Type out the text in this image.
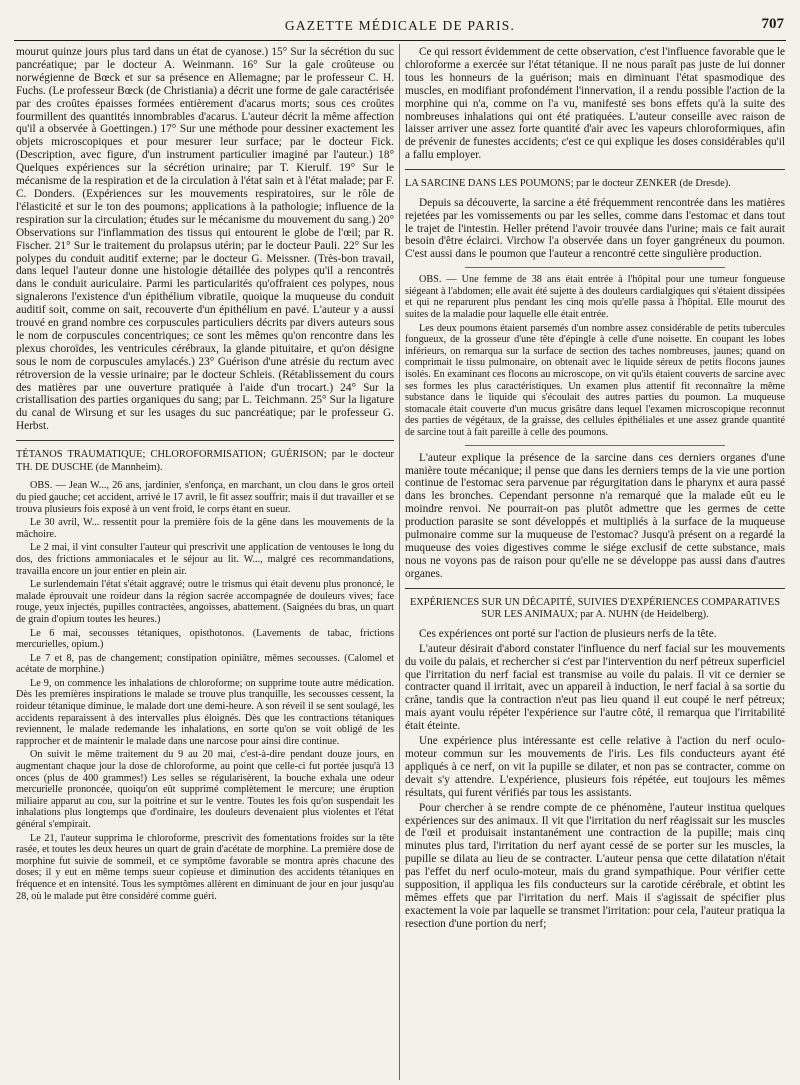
GAZETTE MÉDICALE DE PARIS.	707

mourut quinze jours plus tard dans un état de cyanose.) 15° Sur la sécrétion du suc pancréatique; par le docteur A. Weinmann. 16° Sur la gale croûteuse ou norwégienne de Bœck et sur sa présence en Allemagne; par le professeur C. H. Fuchs. (Le professeur Bœck (de Christiania) a décrit une forme de gale caractérisée par des croûtes épaisses formées entièrement d'acarus morts; sous ces croûtes fourmillent des quantités innombrables d'acarus. L'auteur décrit la même affection qu'il a observée à Goettingen.) 17° Sur une méthode pour dessiner exactement les objets microscopiques et pour mesurer leur surface; par le docteur Fick. (Description, avec figure, d'un instrument particulier imaginé par l'auteur.) 18° Quelques expériences sur la sécrétion urinaire; par T. Kierulf. 19° Sur le mécanisme de la respiration et de la circulation à l'état sain et à l'état malade; par F. C. Donders. (Expériences sur les mouvements respiratoires, sur le rôle de l'élasticité et sur le ton des poumons; applications à la pathologie; influence de la respiration sur la circulation; études sur le mécanisme du mouvement du sang.) 20° Observations sur l'inflammation des tissus qui entourent le globe de l'œil; par R. Fischer. 21° Sur le traitement du prolapsus utérin; par le docteur Pauli. 22° Sur les polypes du conduit auditif externe; par le docteur G. Meissner. (Très-bon travail, dans lequel l'auteur donne une histologie détaillée des polypes qu'il a rencontrés dans le conduit auriculaire. Parmi les particularités qu'offraient ces polypes, nous signalerons l'existence d'un épithélium vibratile, quoique la muqueuse du conduit auditif soit, comme on sait, recouverte d'un épithélium en pavé. L'auteur y a aussi trouvé en grand nombre ces corpuscules particuliers décrits par divers auteurs sous le nom de corpuscules concentriques; ce sont les mêmes qu'on rencontre dans les plexus choroïdes, les ventricules cérébraux, la glande pituitaire, et qu'on désigne sous le nom de corpuscules amylacés.) 23° Guérison d'une atrésie du rectum avec rétroversion de la vessie urinaire; par le docteur Schleis. (Rétablissement du cours des matières par une ouverture pratiquée à l'aide d'un trocart.) 24° Sur la cristallisation des parties organiques du sang; par L. Teichmann. 25° Sur la ligature du canal de Wirsung et sur les usages du suc pancréatique; par le professeur G. Herbst.

TÉTANOS TRAUMATIQUE; CHLOROFORMISATION; GUÉRISON; par le docteur TH. DE DUSCHE (de Mannheim).

OBS. — Jean W..., 26 ans, jardinier, s'enfonça, en marchant, un clou dans le gros orteil du pied gauche; cet accident, arrivé le 17 avril, le fit assez souffrir; mais il dut travailler et se trouva plusieurs fois exposé à un vent froid, le corps étant en sueur.

Le 30 avril, W... ressentit pour la première fois de la gêne dans les mouvements de la mâchoire.

Le 2 mai, il vint consulter l'auteur qui prescrivit une application de ventouses le long du dos, des frictions ammoniacales et le séjour au lit. W..., malgré ces recommandations, travailla encore un jour entier en plein air.

Le surlendemain l'état s'était aggravé; outre le trismus qui était devenu plus prononcé, le malade éprouvait une roideur dans la région sacrée accompagnée de douleurs vives; face rouge, yeux injectés, pupilles contractées, angoisses, abattement. (Saignées du bras, un quart de grain d'opium toutes les heures.)

Le 6 mai, secousses tétaniques, opisthotonos. (Lavements de tabac, frictions mercurielles, opium.)

Le 7 et 8, pas de changement; constipation opiniâtre, mêmes secousses. (Calomel et acétate de morphine.)

Le 9, on commence les inhalations de chloroforme; on supprime toute autre médication. Dès les premières inspirations le malade se trouve plus tranquille, les secousses cessent, la roideur tétanique diminue, le malade dort une demi-heure. A son réveil il se sent soulagé, les accidents reparaissent à des intervalles plus éloignés. Dès que les contractions tétaniques reviennent, le malade redemande les inhalations, en sorte qu'on se voit obligé de les rapprocher et de maintenir le malade dans une narcose pour ainsi dire continue.

On suivit le même traitement du 9 au 20 mai, c'est-à-dire pendant douze jours, en augmentant chaque jour la dose de chloroforme, au point que celle-ci fut portée jusqu'à 13 onces (plus de 400 grammes!) Les selles se régularisèrent, la bouche exhala une odeur mercurielle prononcée, quoiqu'on eût supprimé complètement le mercure; une éruption miliaire apparut au cou, sur la poitrine et sur le ventre. Toutes les fois qu'on suspendait les inhalations plus longtemps que d'ordinaire, les douleurs devenaient plus violentes et l'état général s'empirait.

Le 21, l'auteur supprima le chloroforme, prescrivit des fomentations froides sur la tête rasée, et toutes les deux heures un quart de grain d'acétate de morphine. La première dose de morphine fut suivie de sommeil, et ce symptôme favorable se montra après chacune des doses; il y eut en même temps sueur copieuse et diminution des accidents tétaniques en fréquence et en intensité. Tous les symptômes allèrent en diminuant de jour en jour jusqu'au 28, où le malade put être considéré comme guéri.

Ce qui ressort évidemment de cette observation, c'est l'influence favorable que le chloroforme a exercée sur l'état tétanique. Il ne nous paraît pas juste de lui donner tous les honneurs de la guérison; mais en diminuant l'état spasmodique des muscles, en modifiant profondément l'innervation, il a rendu possible l'action de la morphine qui n'a, comme on l'a vu, manifesté ses bons effets qu'à la suite des nombreuses inhalations qui ont été pratiquées. L'auteur conseille avec raison de laisser arriver une assez forte quantité d'air avec les vapeurs chloroformiques, afin de prévenir de funestes accidents; c'est ce qui explique les doses considérables qu'il a fallu employer.

LA SARCINE DANS LES POUMONS; par le docteur ZENKER (de Dresde).

Depuis sa découverte, la sarcine a été fréquemment rencontrée dans les matières rejetées par les vomissements ou par les selles, comme dans l'estomac et dans tout le trajet de l'intestin. Heller prétend l'avoir trouvée dans l'urine; mais ce fait aurait besoin d'être éclairci. Virchow l'a observée dans un foyer gangréneux du poumon. C'est aussi dans le poumon que l'auteur a rencontré cette singulière production.

OBS. — Une femme de 38 ans était entrée à l'hôpital pour une tumeur fongueuse siégeant à l'abdomen; elle avait été sujette à des douleurs cardialgiques qui s'étaient dissipées et qui ne reparurent plus pendant les cinq mois qu'elle passa à l'hôpital. Elle mourut des suites de la maladie pour laquelle elle était entrée.

Les deux poumons étaient parsemés d'un nombre assez considérable de petits tubercules fongueux, de la grosseur d'une tête d'épingle à celle d'une noisette. En coupant les lobes inférieurs, on remarqua sur la surface de section des taches nombreuses, jaunes; quand on comprimait le tissu pulmonaire, on obtenait avec le liquide séreux de petits flocons jaunes isolés. En examinant ces flocons au microscope, on vit qu'ils étaient couverts de sarcine avec ses formes les plus caractéristiques. Un examen plus attentif fit reconnaître la même substance dans le liquide qui s'écoulait des autres parties du poumon. La muqueuse stomacale était couverte d'un mucus grisâtre dans lequel l'examen microscopique reconnut des parties de végétaux, de la graisse, des cellules épithéliales et une assez grande quantité de sarcine tout à fait pareille à celle des poumons.

L'auteur explique la présence de la sarcine dans ces derniers organes d'une manière toute mécanique; il pense que dans les derniers temps de la vie une portion continue de l'estomac sera parvenue par régurgitation dans le pharynx et aura passé dans les bronches. Cependant personne n'a remarqué que la malade eût eu le moindre renvoi. Ne pourrait-on pas plutôt admettre que les germes de cette production parasite se sont développés et multipliés à la surface de la muqueuse pulmonaire comme sur la muqueuse de l'estomac? Jusqu'à présent on a regardé la muqueuse des voies digestives comme le siége exclusif de cette substance, mais nous ne voyons pas de raison pour qu'elle ne se développe pas aussi dans d'autres organes.

EXPÉRIENCES SUR UN DÉCAPITÉ, SUIVIES D'EXPÉRIENCES COMPARATIVES SUR LES ANIMAUX; par A. NUHN (de Heidelberg).

Ces expériences ont porté sur l'action de plusieurs nerfs de la tête.

L'auteur désirait d'abord constater l'influence du nerf facial sur les mouvements du voile du palais, et rechercher si c'est par l'intervention du nerf pétreux superficiel que l'irritation du nerf facial est transmise au voile du palais. Il vit ce dernier se contracter quand il irritait, avec un appareil à induction, le nerf facial à sa sortie du crâne, tandis que la contraction n'eut pas lieu quand il eut coupé le nerf pétreux; mais ayant voulu répéter l'expérience sur l'autre côté, il remarqua que l'irritabilité était éteinte.

Une expérience plus intéressante est celle relative à l'action du nerf oculo-moteur commun sur les mouvements de l'iris. Les fils conducteurs ayant été appliqués à ce nerf, on vit la pupille se dilater, et non pas se contracter, comme on devait s'y attendre. L'expérience, plusieurs fois répétée, eut toujours les mêmes résultats, qui furent vérifiés par tous les assistants.

Pour chercher à se rendre compte de ce phénomène, l'auteur institua quelques expériences sur des animaux. Il vit que l'irritation du nerf réagissait sur les muscles de l'œil et produisait instantanément une contraction de la pupille; mais cinq minutes plus tard, l'irritation du nerf ayant cessé de se porter sur les muscles, la pupille se dilata au lieu de se contracter. L'auteur pensa que cette dilatation n'était pas l'effet du nerf oculo-moteur, mais du grand sympathique. Pour vérifier cette supposition, il appliqua les fils conducteurs sur la carotide cérébrale, et obtint les mêmes effets que par l'irritation du nerf. Mais il s'agissait de spécifier plus exactement la voie par laquelle se transmet l'irritation: pour cela, l'auteur pratiqua la resection d'une portion du nerf;
